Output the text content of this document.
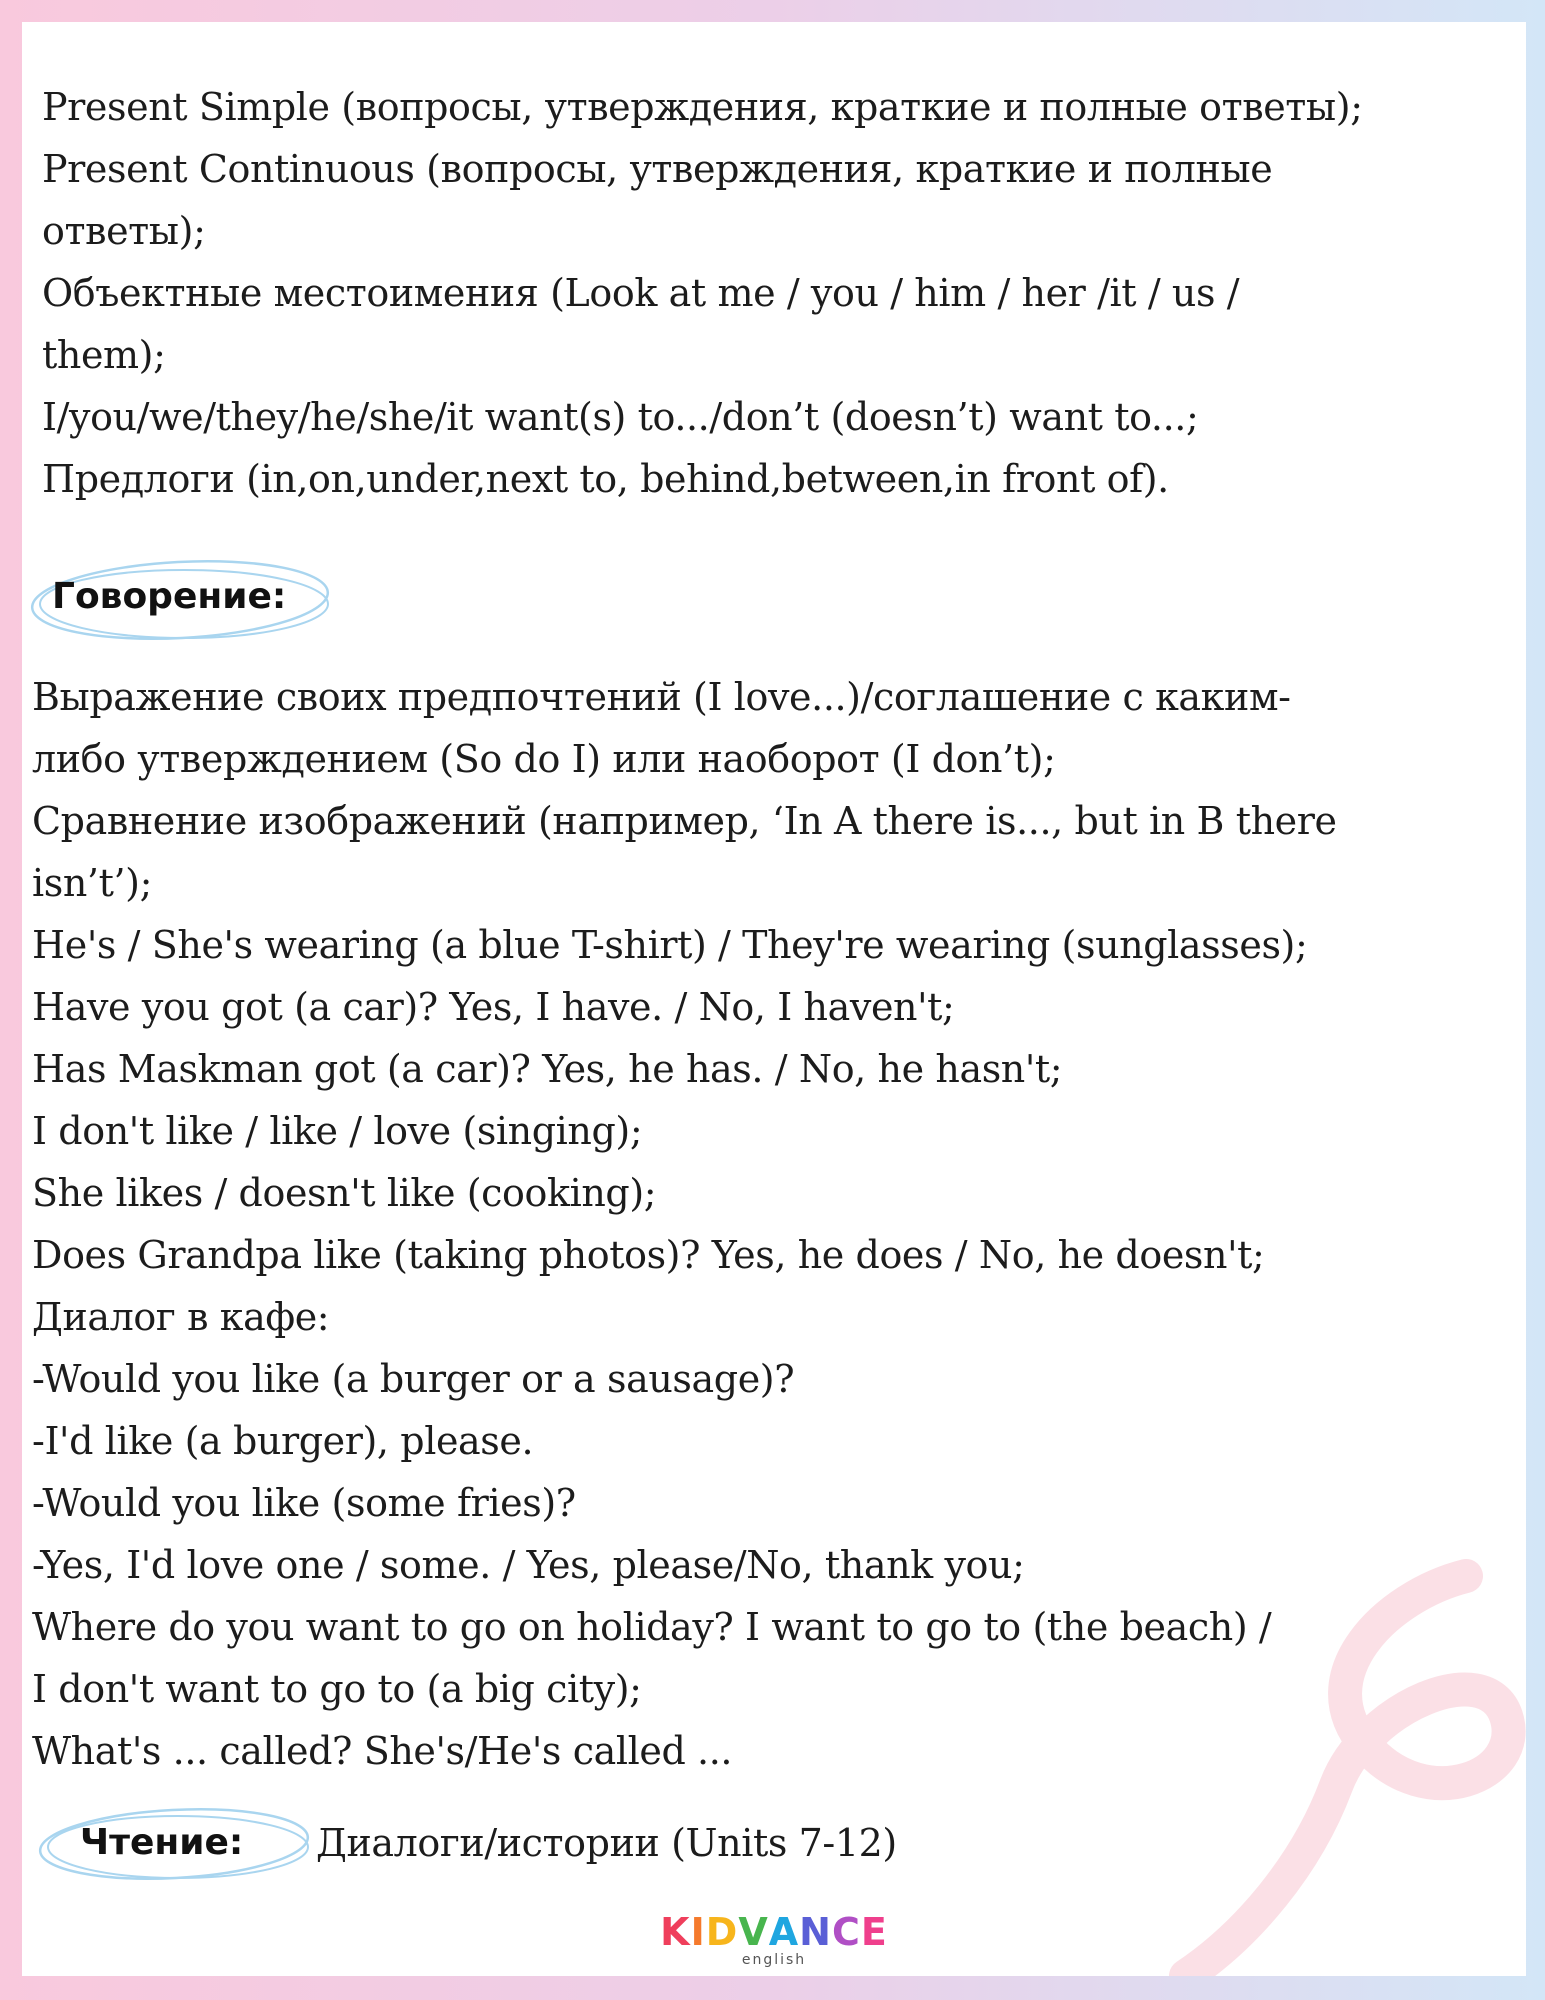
Present Simple (вопросы, утверждения, краткие и полные ответы);
Present Continuous (вопросы, утверждения, краткие и полные
ответы);
Объектные местоимения (Look at me / you / him / her /it / us /
them);
I/you/we/they/he/she/it want(s) to.../don’t (doesn’t) want to...;
Предлоги (in,on,under,next to, behind,between,in front of).
Говорение:
Выражение своих предпочтений (I love...)/соглашение с каким-
либо утверждением (So do I) или наоборот (I don’t);
Сравнение изображений (например, ‘In A there is..., but in B there
isn’t’);
He's / She's wearing (a blue T-shirt) / They're wearing (sunglasses);
Have you got (a car)? Yes, I have. / No, I haven't;
Has Maskman got (a car)? Yes, he has. / No, he hasn't;
I don't like / like / love (singing);
She likes / doesn't like (cooking);
Does Grandpa like (taking photos)? Yes, he does / No, he doesn't;
Диалог в кафе:
-Would you like (a burger or a sausage)?
-I'd like (a burger), please.
-Would you like (some fries)?
-Yes, I'd love one / some. / Yes, please/No, thank you;
Where do you want to go on holiday? I want to go to (the beach) /
I don't want to go to (a big city);
What's ... called? She's/He's called ...
Чтение: Диалоги/истории (Units 7-12)
KIDVANCE
english
